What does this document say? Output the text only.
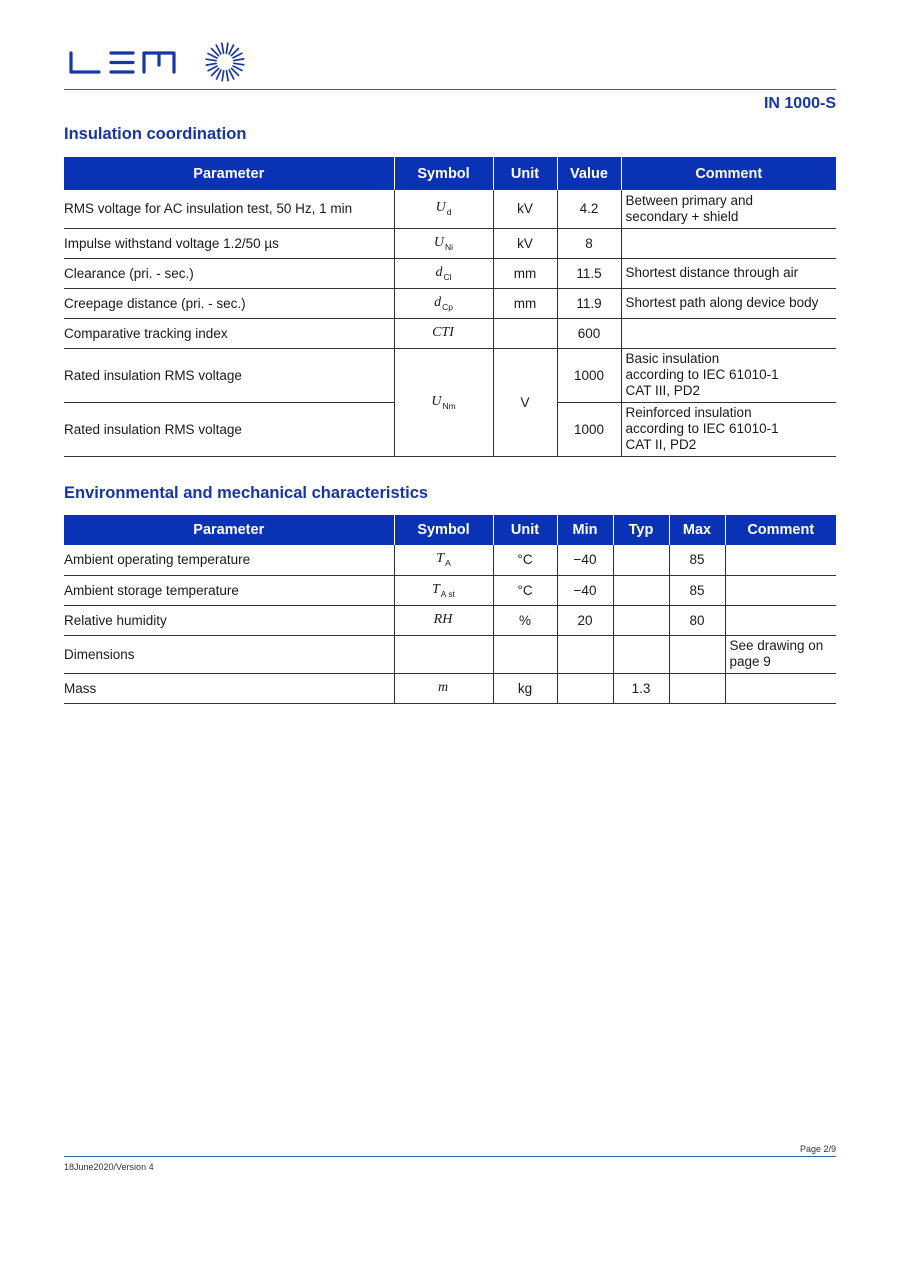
IN 1000-S
Insulation coordination
Parameter	Symbol	Unit	Value	Comment
RMS voltage for AC insulation test, 50 Hz, 1 min	$U_d$	kV	4.2	Between primary and
secondary + shield
Impulse withstand voltage 1.2/50 µs	$U_{Ni}$	kV	8	
Clearance (pri. - sec.)	$d_{Cl}$	mm	11.5	Shortest distance through air
Creepage distance (pri. - sec.)	$d_{Cp}$	mm	11.9	Shortest path along device body
Comparative tracking index	CTI		600	
Rated insulation RMS voltage	$U_{Nm}$	V	1000	Basic insulation
according to IEC 61010-1
CAT III, PD2
Rated insulation RMS voltage			1000	Reinforced insulation
according to IEC 61010-1
CAT II, PD2
Environmental and mechanical characteristics
Parameter	Symbol	Unit	Min	Typ	Max	Comment
Ambient operating temperature	$T_A$	°C	−40		85	
Ambient storage temperature	$T_{A st}$	°C	−40		85	
Relative humidity	RH	%	20		80	
Dimensions						See drawing on
page 9
Mass	m	kg		1.3		
Page 2/9
18June2020/Version 4
